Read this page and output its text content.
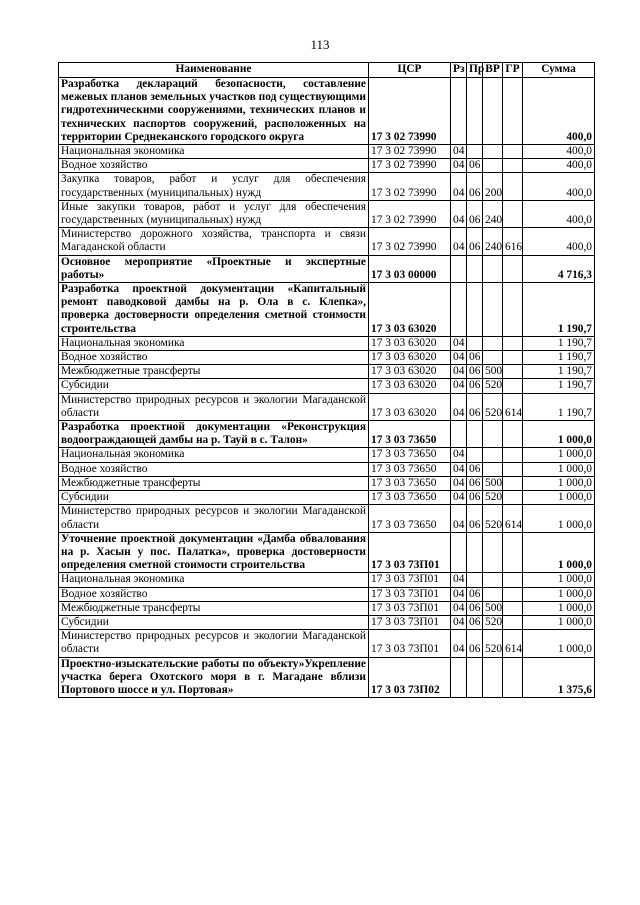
113
Наименование	ЦСР	Рз	Пр	ВР	ГР	Сумма
Разработка деклараций безопасности, составление межевых планов земельных участков под существующими гидротехническими сооружениями, технических планов и технических паспортов сооружений, расположенных на территории Среднеканского городского округа	17 3 02 73990					400,0
Национальная экономика	17 3 02 73990	04				400,0
Водное хозяйство	17 3 02 73990	04	06			400,0
Закупка товаров, работ и услуг для обеспечения государственных (муниципальных) нужд	17 3 02 73990	04	06	200		400,0
Иные закупки товаров, работ и услуг для обеспечения государственных (муниципальных) нужд	17 3 02 73990	04	06	240		400,0
Министерство дорожного хозяйства, транспорта и связи Магаданской области	17 3 02 73990	04	06	240	616	400,0
Основное мероприятие «Проектные и экспертные работы»	17 3 03 00000					4 716,3
Разработка проектной документации «Капитальный ремонт паводковой дамбы на р. Ола в с. Клепка», проверка достоверности определения сметной стоимости строительства	17 3 03 63020					1 190,7
Национальная экономика	17 3 03 63020	04				1 190,7
Водное хозяйство	17 3 03 63020	04	06			1 190,7
Межбюджетные трансферты	17 3 03 63020	04	06	500		1 190,7
Субсидии	17 3 03 63020	04	06	520		1 190,7
Министерство природных ресурсов и экологии Магаданской области	17 3 03 63020	04	06	520	614	1 190,7
Разработка проектной документации «Реконструкция водоограждающей дамбы на р. Тауй в с. Талон»	17 3 03 73650					1 000,0
Национальная экономика	17 3 03 73650	04				1 000,0
Водное хозяйство	17 3 03 73650	04	06			1 000,0
Межбюджетные трансферты	17 3 03 73650	04	06	500		1 000,0
Субсидии	17 3 03 73650	04	06	520		1 000,0
Министерство природных ресурсов и экологии Магаданской области	17 3 03 73650	04	06	520	614	1 000,0
Уточнение проектной документации «Дамба обвалования на р. Хасын у пос. Палатка», проверка достоверности определения сметной стоимости строительства	17 3 03 73П01					1 000,0
Национальная экономика	17 3 03 73П01	04				1 000,0
Водное хозяйство	17 3 03 73П01	04	06			1 000,0
Межбюджетные трансферты	17 3 03 73П01	04	06	500		1 000,0
Субсидии	17 3 03 73П01	04	06	520		1 000,0
Министерство природных ресурсов и экологии Магаданской области	17 3 03 73П01	04	06	520	614	1 000,0
Проектно-изыскательские работы по объекту»Укрепление участка берега Охотского моря в г. Магадане вблизи Портового шоссе и ул. Портовая»	17 3 03 73П02					1 375,6
